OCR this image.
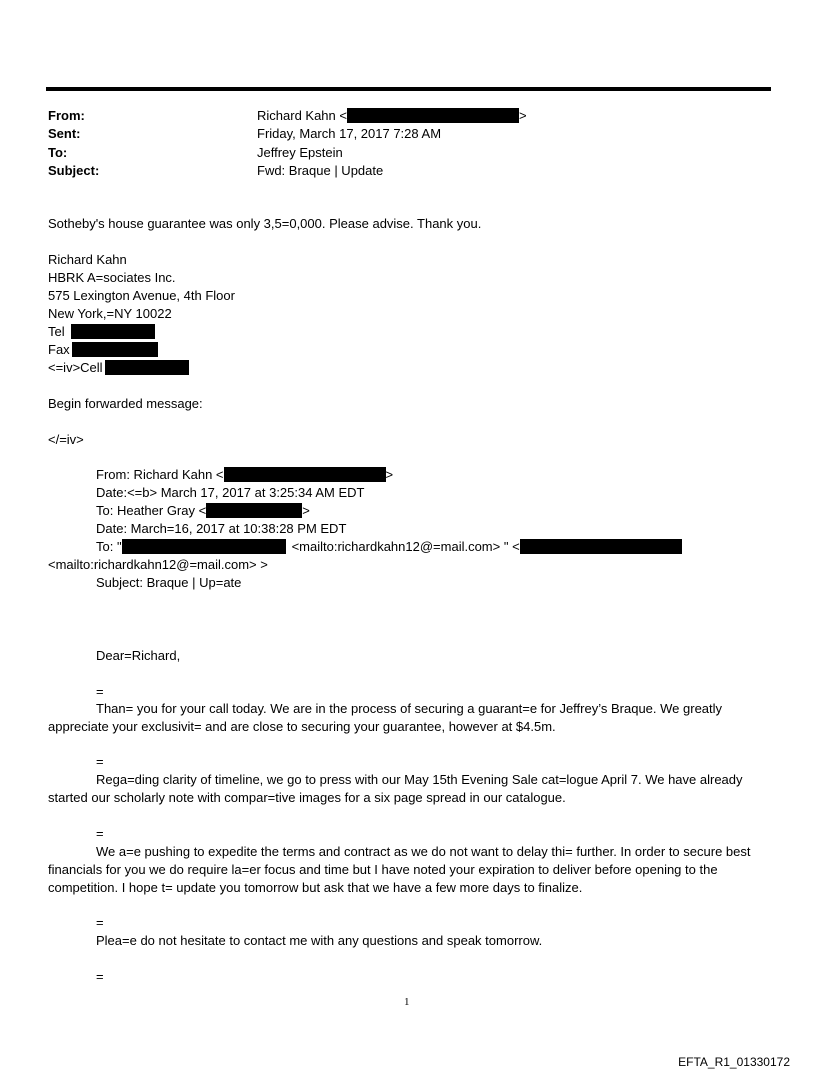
From:	Richard Kahn <	>
Sent:	Friday, March 17, 2017 7:28 AM
To:	Jeffrey Epstein
Subject:	Fwd: Braque | Update
Sotheby's house guarantee was only 3,5=0,000. Please advise. Thank you.
Richard Kahn
HBRK A=sociates Inc.
575 Lexington Avenue, 4th Floor
New York,=NY 10022
Tel
Fax
<=iv>Cell
Begin forwarded message:
</=iv>
From: Richard Kahn <	>
Date:<=b> March 17, 2017 at 3:25:34 AM EDT
To: Heather Gray <	>
Date: March=16, 2017 at 10:38:28 PM EDT
To: "	<mailto:richardkahn12@=mail.com> " <
<mailto:richardkahn12@=mail.com> >
Subject: Braque | Up=ate
Dear=Richard,
=
Than= you for your call today. We are in the process of securing a guarant=e for Jeffrey’s Braque. We greatly appreciate your exclusivit= and are close to securing your guarantee, however at $4.5m.
=
Rega=ding clarity of timeline, we go to press with our May 15th Evening Sale cat=logue April 7. We have already started our scholarly note with compar=tive images for a six page spread in our catalogue.
=
We a=e pushing to expedite the terms and contract as we do not want to delay thi= further. In order to secure best financials for you we do require la=er focus and time but I have noted your expiration to deliver before opening to the competition. I hope t= update you tomorrow but ask that we have a few more days to finalize.
=
Plea=e do not hesitate to contact me with any questions and speak tomorrow.
=
1
EFTA_R1_01330172
